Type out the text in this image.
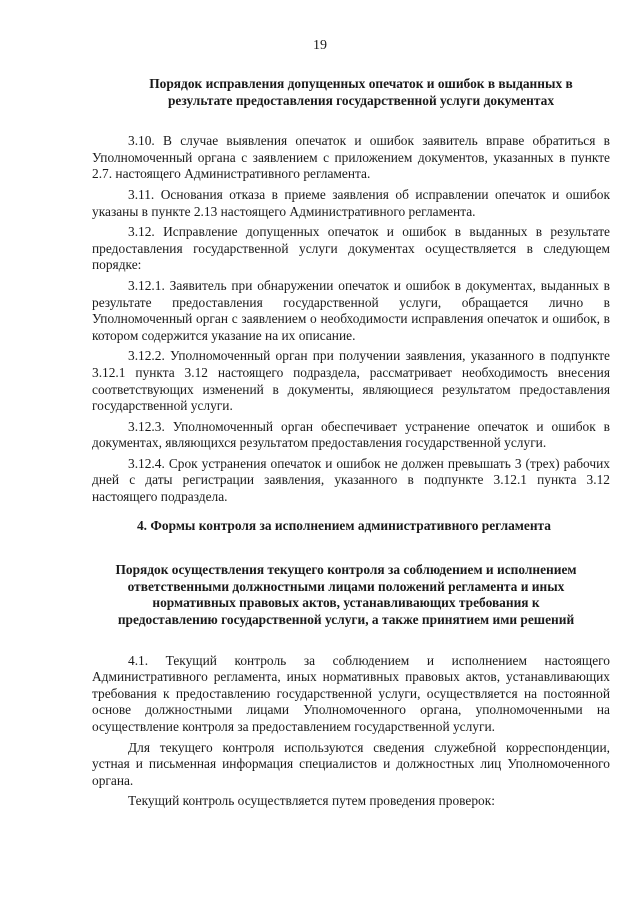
19

Порядок исправления допущенных опечаток и ошибок в выданных в результате предоставления государственной услуги документах

3.10. В случае выявления опечаток и ошибок заявитель вправе обратиться в Уполномоченный органа с заявлением с приложением документов, указанных в пункте 2.7. настоящего Административного регламента.

3.11. Основания отказа в приеме заявления об исправлении опечаток и ошибок указаны в пункте 2.13 настоящего Административного регламента.

3.12. Исправление допущенных опечаток и ошибок в выданных в результате предоставления государственной услуги документах осуществляется в следующем порядке:

3.12.1. Заявитель при обнаружении опечаток и ошибок в документах, выданных в результате предоставления государственной услуги, обращается лично в Уполномоченный орган с заявлением о необходимости исправления опечаток и ошибок, в котором содержится указание на их описание.

3.12.2. Уполномоченный орган при получении заявления, указанного в подпункте 3.12.1 пункта 3.12 настоящего подраздела, рассматривает необходимость внесения соответствующих изменений в документы, являющиеся результатом предоставления государственной услуги.

3.12.3. Уполномоченный орган обеспечивает устранение опечаток и ошибок в документах, являющихся результатом предоставления государственной услуги.

3.12.4. Срок устранения опечаток и ошибок не должен превышать 3 (трех) рабочих дней с даты регистрации заявления, указанного в подпункте 3.12.1 пункта 3.12 настоящего подраздела.

4. Формы контроля за исполнением административного регламента

Порядок осуществления текущего контроля за соблюдением и исполнением ответственными должностными лицами положений регламента и иных нормативных правовых актов, устанавливающих требования к предоставлению государственной услуги, а также принятием ими решений

4.1. Текущий контроль за соблюдением и исполнением настоящего Административного регламента, иных нормативных правовых актов, устанавливающих требования к предоставлению государственной услуги, осуществляется на постоянной основе должностными лицами Уполномоченного органа, уполномоченными на осуществление контроля за предоставлением государственной услуги.

Для текущего контроля используются сведения служебной корреспонденции, устная и письменная информация специалистов и должностных лиц Уполномоченного органа.

Текущий контроль осуществляется путем проведения проверок:
